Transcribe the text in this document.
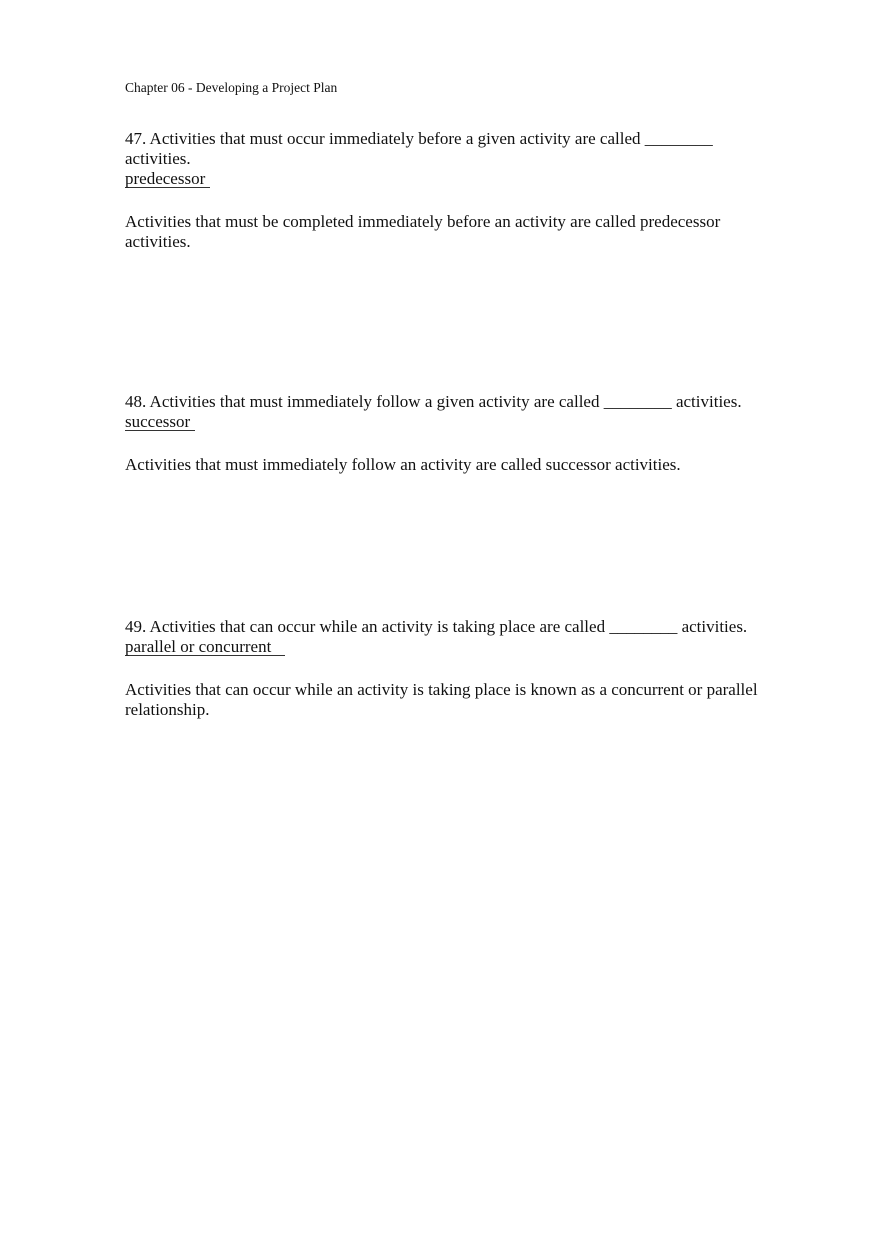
Chapter 06 - Developing a Project Plan
47. Activities that must occur immediately before a given activity are called ________ activities.
predecessor
Activities that must be completed immediately before an activity are called predecessor activities.
48. Activities that must immediately follow a given activity are called ________ activities.
successor
Activities that must immediately follow an activity are called successor activities.
49. Activities that can occur while an activity is taking place are called ________ activities.
parallel or concurrent
Activities that can occur while an activity is taking place is known as a concurrent or parallel relationship.
